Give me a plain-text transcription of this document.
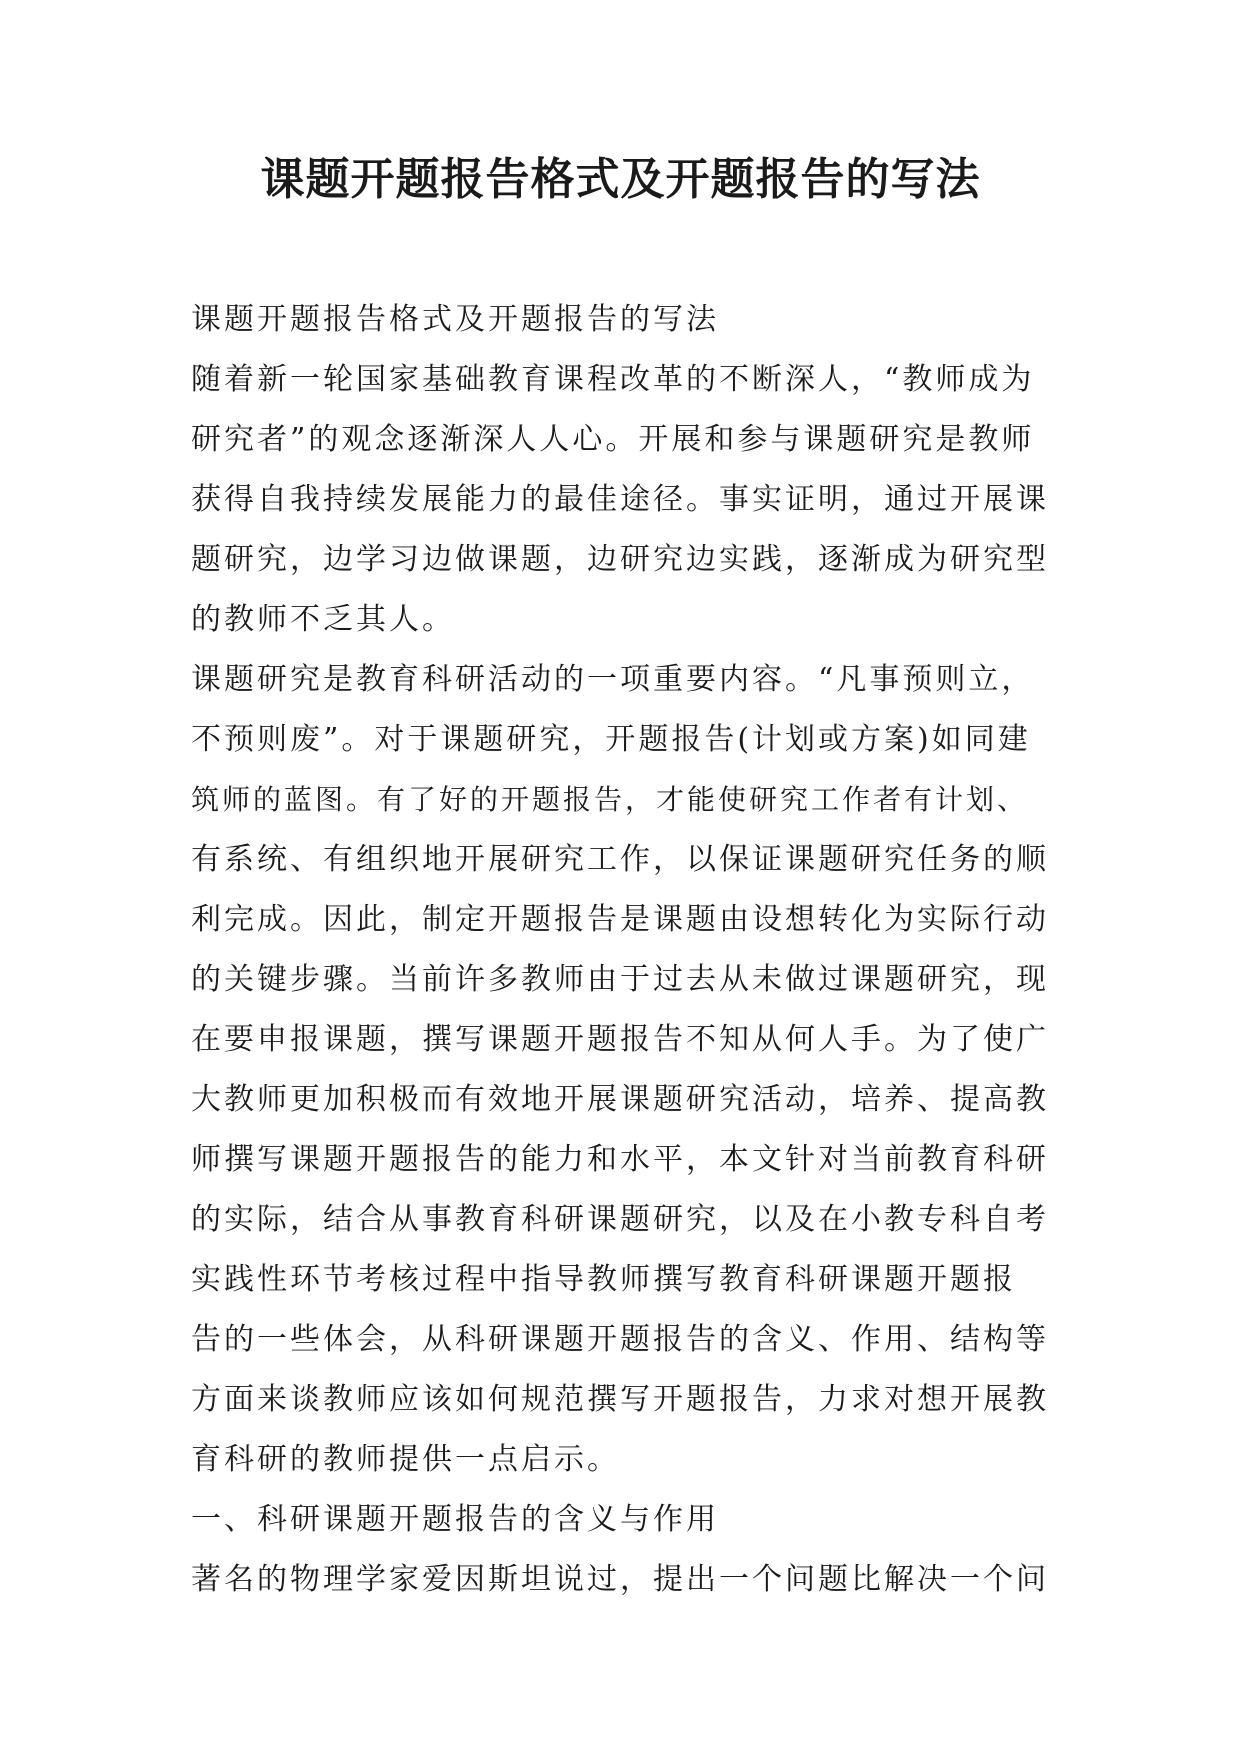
课题开题报告格式及开题报告的写法
课题开题报告格式及开题报告的写法
随着新一轮国家基础教育课程改革的不断深人，“教师成为
研究者”的观念逐渐深人人心。开展和参与课题研究是教师
获得自我持续发展能力的最佳途径。事实证明，通过开展课
题研究，边学习边做课题，边研究边实践，逐渐成为研究型
的教师不乏其人。
课题研究是教育科研活动的一项重要内容。“凡事预则立，
不预则废”。对于课题研究，开题报告(计划或方案)如同建
筑师的蓝图。有了好的开题报告，才能使研究工作者有计划、
有系统、有组织地开展研究工作，以保证课题研究任务的顺
利完成。因此，制定开题报告是课题由设想转化为实际行动
的关键步骤。当前许多教师由于过去从未做过课题研究，现
在要申报课题，撰写课题开题报告不知从何人手。为了使广
大教师更加积极而有效地开展课题研究活动，培养、提高教
师撰写课题开题报告的能力和水平，本文针对当前教育科研
的实际，结合从事教育科研课题研究，以及在小教专科自考
实践性环节考核过程中指导教师撰写教育科研课题开题报
告的一些体会，从科研课题开题报告的含义、作用、结构等
方面来谈教师应该如何规范撰写开题报告，力求对想开展教
育科研的教师提供一点启示。
一、科研课题开题报告的含义与作用
著名的物理学家爱因斯坦说过，提出一个问题比解决一个问
